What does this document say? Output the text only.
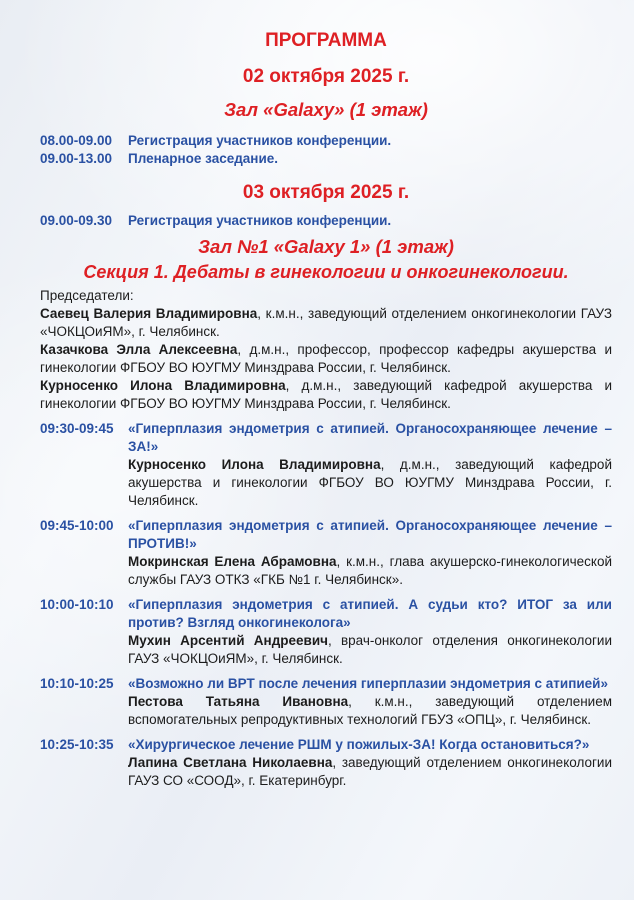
ПРОГРАММА
02 октября 2025 г.
Зал «Galaxy» (1 этаж)
08.00-09.00	Регистрация участников конференции.
09.00-13.00	Пленарное заседание.
03 октября 2025 г.
09.00-09.30	Регистрация участников конференции.
Зал №1 «Galaxy 1» (1 этаж)
Секция 1. Дебаты в гинекологии и онкогинекологии.
Председатели:

Саевец Валерия Владимировна, к.м.н., заведующий отделением онкогинекологии ГАУЗ «ЧОКЦОиЯМ», г. Челябинск.

Казачкова Элла Алексеевна, д.м.н., профессор, профессор кафедры акушерства и гинекологии ФГБОУ ВО ЮУГМУ Минздрава России, г. Челябинск.

Курносенко Илона Владимировна, д.м.н., заведующий кафедрой акушерства и гинекологии ФГБОУ ВО ЮУГМУ Минздрава России, г. Челябинск.

09:30-09:45	«Гиперплазия эндометрия с атипией. Органосохраняющее лечение – ЗА!»

Курносенко Илона Владимировна, д.м.н., заведующий кафедрой акушерства и гинекологии ФГБОУ ВО ЮУГМУ Минздрава России, г. Челябинск.

09:45-10:00	«Гиперплазия эндометрия с атипией. Органосохраняющее лечение – ПРОТИВ!»

Мокринская Елена Абрамовна, к.м.н., глава акушерско-гинекологической службы ГАУЗ ОТКЗ «ГКБ №1 г. Челябинск».

10:00-10:10	«Гиперплазия эндометрия с атипией. А судьи кто? ИТОГ за или против? Взгляд онкогинеколога»

Мухин Арсентий Андреевич, врач-онколог отделения онкогинекологии ГАУЗ «ЧОКЦОиЯМ», г. Челябинск.

10:10-10:25	«Возможно ли ВРТ после лечения гиперплазии эндометрия с атипией»

Пестова Татьяна Ивановна, к.м.н., заведующий отделением вспомогательных репродуктивных технологий ГБУЗ «ОПЦ», г. Челябинск.

10:25-10:35	«Хирургическое лечение РШМ у пожилых-ЗА! Когда остановиться?»

Лапина Светлана Николаевна, заведующий отделением онкогинекологии ГАУЗ СО «СООД», г. Екатеринбург.
